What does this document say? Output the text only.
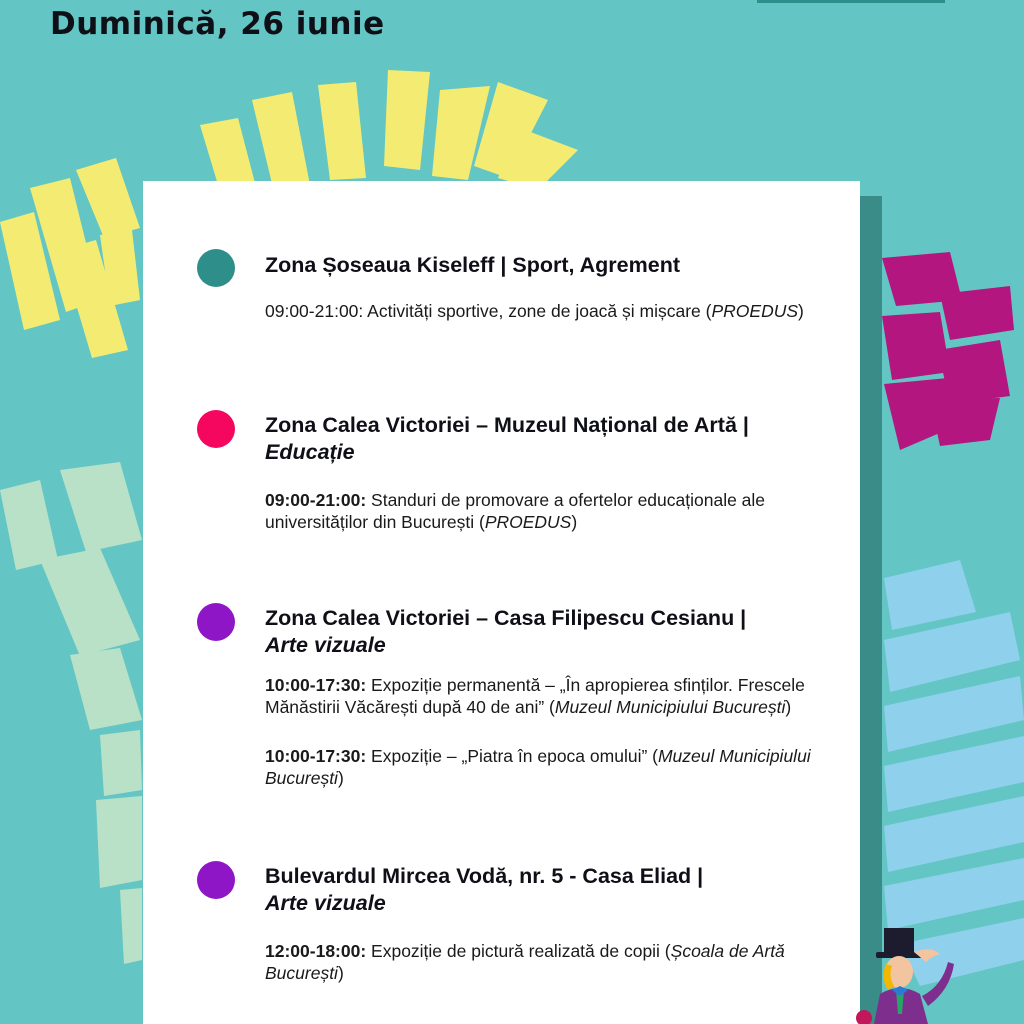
Duminică, 26 iunie

Zona Șoseaua Kiseleff | Sport, Agrement

09:00-21:00: Activități sportive, zone de joacă și mișcare (PROEDUS)

Zona Calea Victoriei – Muzeul Național de Artă |
Educație

09:00-21:00: Standuri de promovare a ofertelor educaționale ale universităților din București (PROEDUS)

Zona Calea Victoriei – Casa Filipescu Cesianu |
Arte vizuale

10:00-17:30: Expoziție permanentă – „În apropierea sfinților. Frescele Mănăstirii Văcărești după 40 de ani” (Muzeul Municipiului București)

10:00-17:30: Expoziție – „Piatra în epoca omului” (Muzeul Municipiului București)

Bulevardul Mircea Vodă, nr. 5 - Casa Eliad |
Arte vizuale

12:00-18:00: Expoziție de pictură realizată de copii (Școala de Artă București)
